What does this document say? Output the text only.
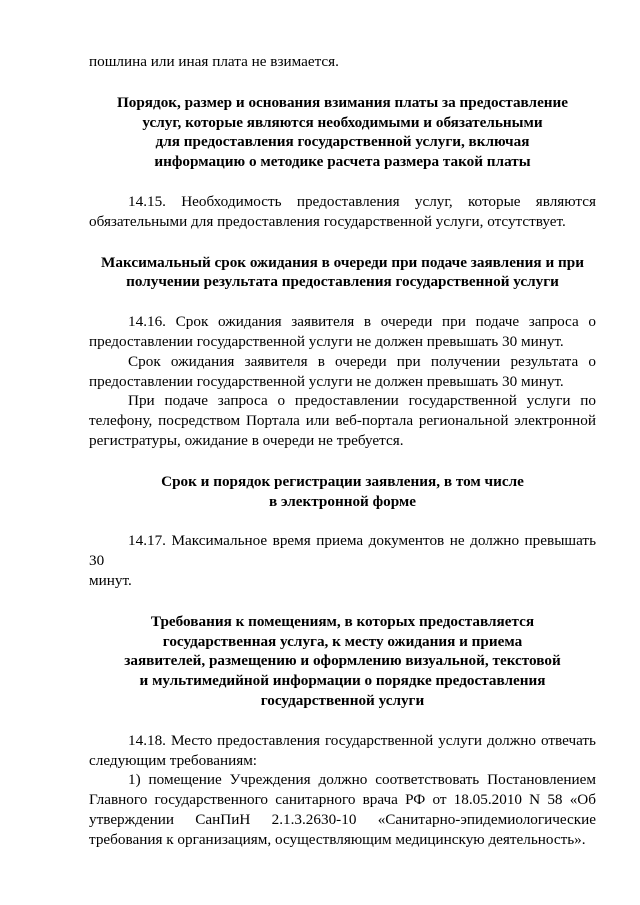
пошлина или иная плата не взимается.

Порядок, размер и основания взимания платы за предоставление
услуг, которые являются необходимыми и обязательными
для предоставления государственной услуги, включая
информацию о методике расчета размера такой платы

14.15. Необходимость предоставления услуг, которые являются

обязательными для предоставления государственной услуги, отсутствует.

Максимальный срок ожидания в очереди при подаче заявления и при
получении результата предоставления государственной услуги

14.16. Срок ожидания заявителя в очереди при подаче запроса о

предоставлении государственной услуги не должен превышать 30 минут.

Срок ожидания заявителя в очереди при получении результата о

предоставлении государственной услуги не должен превышать 30 минут.

При подаче запроса о предоставлении государственной услуги по

телефону, посредством Портала или веб-портала региональной электронной

регистратуры, ожидание в очереди не требуется.

Срок и порядок регистрации заявления, в том числе
в электронной форме

14.17. Максимальное время приема документов не должно превышать 30

минут.

Требования к помещениям, в которых предоставляется
государственная услуга, к месту ожидания и приема
заявителей, размещению и оформлению визуальной, текстовой
и мультимедийной информации о порядке предоставления
государственной услуги

14.18. Место предоставления государственной услуги должно отвечать

следующим требованиям:

1) помещение Учреждения должно соответствовать Постановлением

Главного государственного санитарного врача РФ от 18.05.2010 N 58 «Об

утверждении СанПиН 2.1.3.2630-10 «Санитарно-эпидемиологические

требования к организациям, осуществляющим медицинскую деятельность».
